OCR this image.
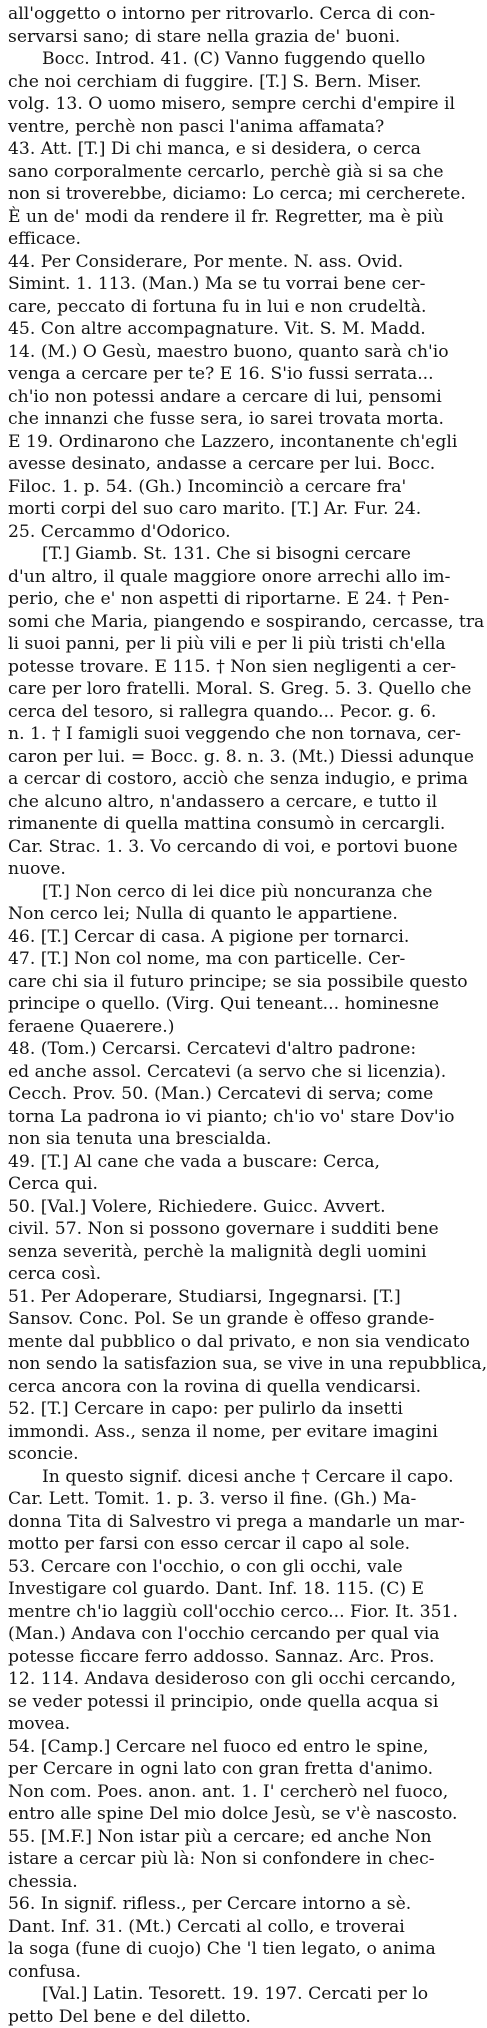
all'oggetto o intorno per ritrovarlo. Cerca di con-
servarsi sano; di stare nella grazia de' buoni.
Bocc. Introd. 41. (C) Vanno fuggendo quello
che noi cerchiam di fuggire. [T.] S. Bern. Miser.
volg. 13. O uomo misero, sempre cerchi d'empire il
ventre, perchè non pasci l'anima affamata?
43. Att. [T.] Di chi manca, e si desidera, o cerca
sano corporalmente cercarlo, perchè già si sa che
non si troverebbe, diciamo: Lo cerca; mi cercherete.
È un de' modi da rendere il fr. Regretter, ma è più
efficace.
44. Per Considerare, Por mente. N. ass. Ovid.
Simint. 1. 113. (Man.) Ma se tu vorrai bene cer-
care, peccato di fortuna fu in lui e non crudeltà.
45. Con altre accompagnature. Vit. S. M. Madd.
14. (M.) O Gesù, maestro buono, quanto sarà ch'io
venga a cercare per te? E 16. S'io fussi serrata...
ch'io non potessi andare a cercare di lui, pensomi
che innanzi che fusse sera, io sarei trovata morta.
E 19. Ordinarono che Lazzero, incontanente ch'egli
avesse desinato, andasse a cercare per lui. Bocc.
Filoc. 1. p. 54. (Gh.) Incominciò a cercare fra'
morti corpi del suo caro marito. [T.] Ar. Fur. 24.
25. Cercammo d'Odorico.
[T.] Giamb. St. 131. Che si bisogni cercare
d'un altro, il quale maggiore onore arrechi allo im-
perio, che e' non aspetti di riportarne. E 24. † Pen-
somi che Maria, piangendo e sospirando, cercasse, tra
li suoi panni, per li più vili e per li più tristi ch'ella
potesse trovare. E 115. † Non sien negligenti a cer-
care per loro fratelli. Moral. S. Greg. 5. 3. Quello che
cerca del tesoro, si rallegra quando... Pecor. g. 6.
n. 1. † I famigli suoi veggendo che non tornava, cer-
caron per lui. = Bocc. g. 8. n. 3. (Mt.) Diessi adunque
a cercar di costoro, acciò che senza indugio, e prima
che alcuno altro, n'andassero a cercare, e tutto il
rimanente di quella mattina consumò in cercargli.
Car. Strac. 1. 3. Vo cercando di voi, e portovi buone
nuove.
[T.] Non cerco di lei dice più noncuranza che
Non cerco lei; Nulla di quanto le appartiene.
46. [T.] Cercar di casa. A pigione per tornarci.
47. [T.] Non col nome, ma con particelle. Cer-
care chi sia il futuro principe; se sia possibile questo
principe o quello. (Virg. Qui teneant... hominesne
feraene Quaerere.)
48. (Tom.) Cercarsi. Cercatevi d'altro padrone:
ed anche assol. Cercatevi (a servo che si licenzia).
Cecch. Prov. 50. (Man.) Cercatevi di serva; come
torna La padrona io vi pianto; ch'io vo' stare Dov'io
non sia tenuta una brescialda.
49. [T.] Al cane che vada a buscare: Cerca,
Cerca qui.
50. [Val.] Volere, Richiedere. Guicc. Avvert.
civil. 57. Non si possono governare i sudditi bene
senza severità, perchè la malignità degli uomini
cerca così.
51. Per Adoperare, Studiarsi, Ingegnarsi. [T.]
Sansov. Conc. Pol. Se un grande è offeso grande-
mente dal pubblico o dal privato, e non sia vendicato
non sendo la satisfazion sua, se vive in una repubblica,
cerca ancora con la rovina di quella vendicarsi.
52. [T.] Cercare in capo: per pulirlo da insetti
immondi. Ass., senza il nome, per evitare imagini
sconcie.
In questo signif. dicesi anche † Cercare il capo.
Car. Lett. Tomit. 1. p. 3. verso il fine. (Gh.) Ma-
donna Tita di Salvestro vi prega a mandarle un mar-
motto per farsi con esso cercar il capo al sole.
53. Cercare con l'occhio, o con gli occhi, vale
Investigare col guardo. Dant. Inf. 18. 115. (C) E
mentre ch'io laggiù coll'occhio cerco... Fior. It. 351.
(Man.) Andava con l'occhio cercando per qual via
potesse ficcare ferro addosso. Sannaz. Arc. Pros.
12. 114. Andava desideroso con gli occhi cercando,
se veder potessi il principio, onde quella acqua si
movea.
54. [Camp.] Cercare nel fuoco ed entro le spine,
per Cercare in ogni lato con gran fretta d'animo.
Non com. Poes. anon. ant. 1. I' cercherò nel fuoco,
entro alle spine Del mio dolce Jesù, se v'è nascosto.
55. [M.F.] Non istar più a cercare; ed anche Non
istare a cercar più là: Non si confondere in chec-
chessia.
56. In signif. rifless., per Cercare intorno a sè.
Dant. Inf. 31. (Mt.) Cercati al collo, e troverai
la soga (fune di cuojo) Che 'l tien legato, o anima
confusa.
[Val.] Latin. Tesorett. 19. 197. Cercati per lo
petto Del bene e del diletto.
